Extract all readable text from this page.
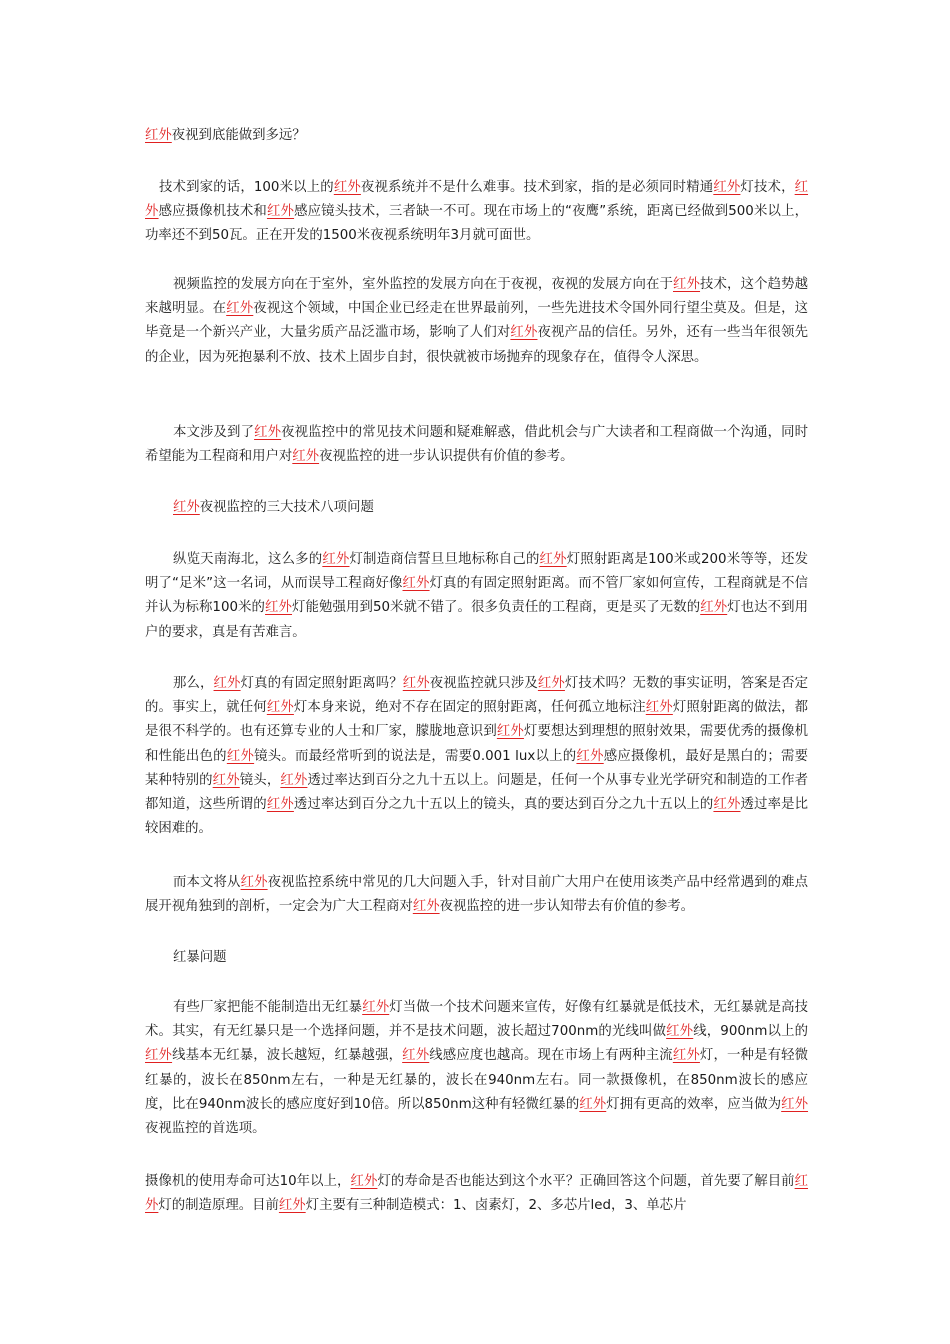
红外夜视到底能做到多远？

技术到家的话，100米以上的红外夜视系统并不是什么难事。技术到家，指的是必须同时精通红外灯技术，红外感应摄像机技术和红外感应镜头技术，三者缺一不可。现在市场上的“夜鹰”系统，距离已经做到500米以上，功率还不到50瓦。正在开发的1500米夜视系统明年3月就可面世。

视频监控的发展方向在于室外，室外监控的发展方向在于夜视，夜视的发展方向在于红外技术，这个趋势越来越明显。在红外夜视这个领域，中国企业已经走在世界最前列，一些先进技术令国外同行望尘莫及。但是，这毕竟是一个新兴产业，大量劣质产品泛滥市场，影响了人们对红外夜视产品的信任。另外，还有一些当年很领先的企业，因为死抱暴利不放、技术上固步自封，很快就被市场抛弃的现象存在，值得令人深思。

本文涉及到了红外夜视监控中的常见技术问题和疑难解惑，借此机会与广大读者和工程商做一个沟通，同时希望能为工程商和用户对红外夜视监控的进一步认识提供有价值的参考。

红外夜视监控的三大技术八项问题

纵览天南海北，这么多的红外灯制造商信誓旦旦地标称自己的红外灯照射距离是100米或200米等等，还发明了“足米”这一名词，从而误导工程商好像红外灯真的有固定照射距离。而不管厂家如何宣传，工程商就是不信并认为标称100米的红外灯能勉强用到50米就不错了。很多负责任的工程商，更是买了无数的红外灯也达不到用户的要求，真是有苦难言。

那么，红外灯真的有固定照射距离吗？红外夜视监控就只涉及红外灯技术吗？无数的事实证明，答案是否定的。事实上，就任何红外灯本身来说，绝对不存在固定的照射距离，任何孤立地标注红外灯照射距离的做法，都是很不科学的。也有还算专业的人士和厂家，朦胧地意识到红外灯要想达到理想的照射效果，需要优秀的摄像机和性能出色的红外镜头。而最经常听到的说法是，需要0.001 lux以上的红外感应摄像机，最好是黑白的；需要某种特别的红外镜头，红外透过率达到百分之九十五以上。问题是，任何一个从事专业光学研究和制造的工作者都知道，这些所谓的红外透过率达到百分之九十五以上的镜头，真的要达到百分之九十五以上的红外透过率是比较困难的。

而本文将从红外夜视监控系统中常见的几大问题入手，针对目前广大用户在使用该类产品中经常遇到的难点展开视角独到的剖析，一定会为广大工程商对红外夜视监控的进一步认知带去有价值的参考。

红暴问题

有些厂家把能不能制造出无红暴红外灯当做一个技术问题来宣传，好像有红暴就是低技术，无红暴就是高技术。其实，有无红暴只是一个选择问题，并不是技术问题，波长超过700nm的光线叫做红外线，900nm以上的红外线基本无红暴，波长越短，红暴越强，红外线感应度也越高。现在市场上有两种主流红外灯，一种是有轻微红暴的，波长在850nm左右，一种是无红暴的，波长在940nm左右。同一款摄像机，在850nm波长的感应度，比在940nm波长的感应度好到10倍。所以850nm这种有轻微红暴的红外灯拥有更高的效率，应当做为红外夜视监控的首选项。

摄像机的使用寿命可达10年以上，红外灯的寿命是否也能达到这个水平？正确回答这个问题，首先要了解目前红外灯的制造原理。目前红外灯主要有三种制造模式：1、卤素灯，2、多芯片led，3、单芯片
